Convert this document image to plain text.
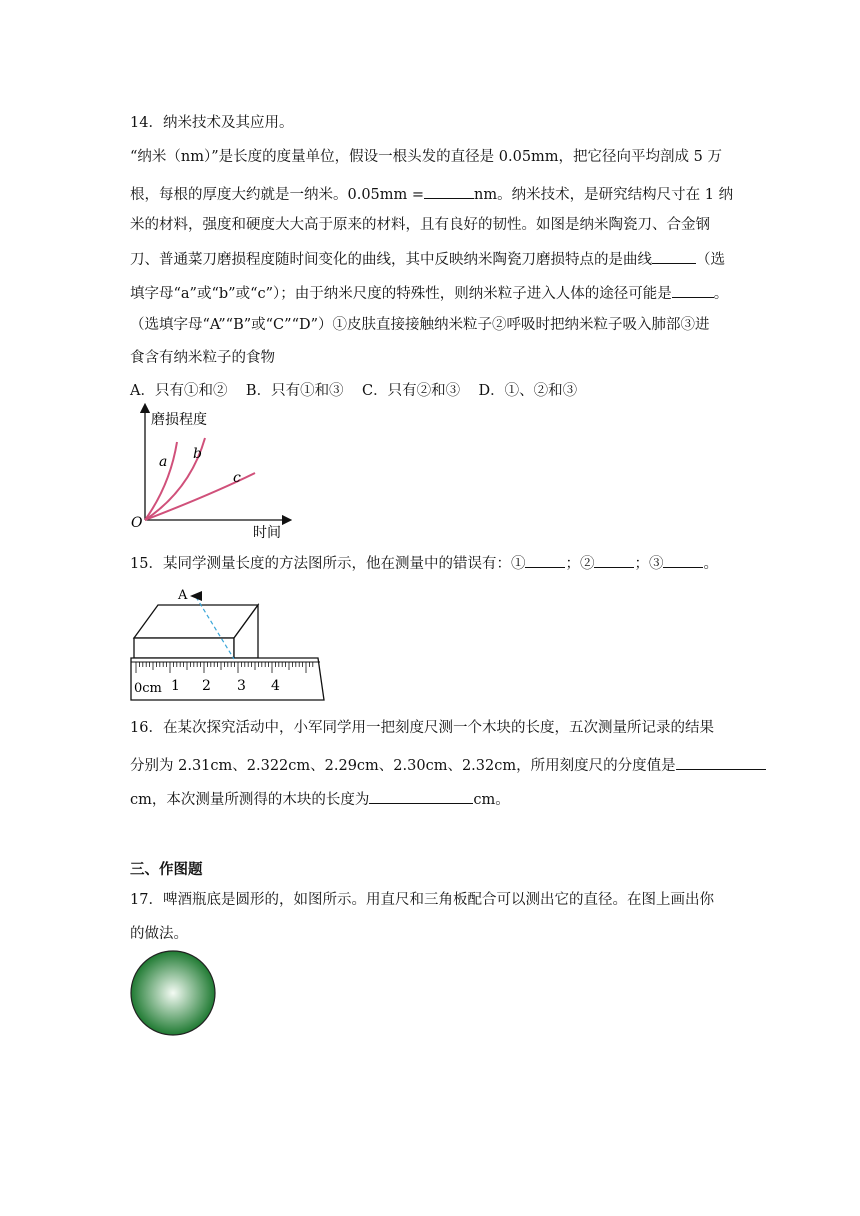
14．纳米技术及其应用。
“纳米（nm）”是长度的度量单位，假设一根头发的直径是 0.05mm，把它径向平均剖成 5 万
根，每根的厚度大约就是一纳米。0.05mm =	nm。纳米技术，是研究结构尺寸在 1 纳
米的材料，强度和硬度大大高于原来的材料，且有良好的韧性。如图是纳米陶瓷刀、合金钢
刀、普通菜刀磨损程度随时间变化的曲线，其中反映纳米陶瓷刀磨损特点的是曲线	（选
填字母“a”或“b”或“c”）；由于纳米尺度的特殊性，则纳米粒子进入人体的途径可能是	。
（选填字母“A”“B”或“C”“D”）①皮肤直接接触纳米粒子②呼吸时把纳米粒子吸入肺部③进
食含有纳米粒子的食物
A．只有①和②    B．只有①和③    C．只有②和③    D．①、②和③
磨损程度
时间
O
a b
c
15．某同学测量长度的方法图所示，他在测量中的错误有：①	；②	；③	。
0cm 1 2 3 4
A
16．在某次探究活动中，小军同学用一把刻度尺测一个木块的长度，五次测量所记录的结果
分别为 2.31cm、2.322cm、2.29cm、2.30cm、2.32cm，所用刻度尺的分度值是
cm，本次测量所测得的木块的长度为	cm。
三、作图题
17．啤酒瓶底是圆形的，如图所示。用直尺和三角板配合可以测出它的直径。在图上画出你
的做法。
